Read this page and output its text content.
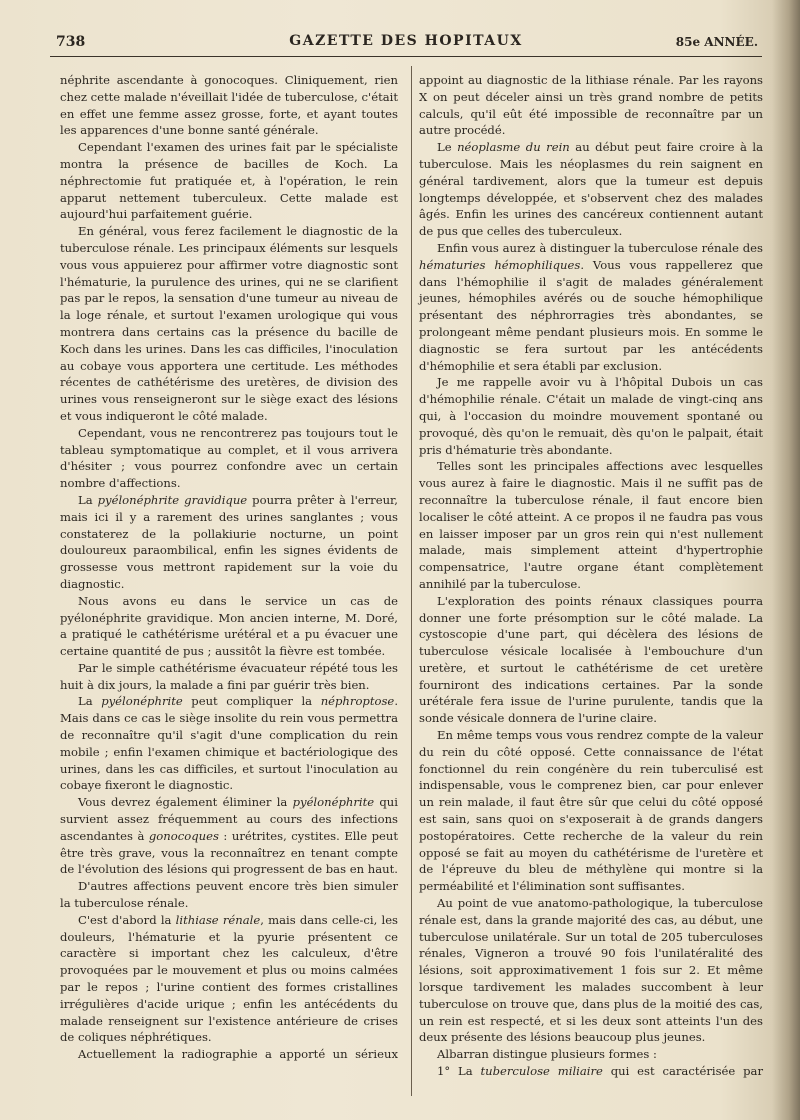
738	GAZETTE DES HOPITAUX	85e ANNÉE.

néphrite ascendante à gonocoques. Cliniquement, rien chez cette malade n'éveillait l'idée de tuberculose, c'était en effet une femme assez grosse, forte, et ayant toutes les apparences d'une bonne santé générale.

Cependant l'examen des urines fait par le spécialiste montra la présence de bacilles de Koch. La néphrectomie fut pratiquée et, à l'opération, le rein apparut nettement tuberculeux. Cette malade est aujourd'hui parfaitement guérie.

En général, vous ferez facilement le diagnostic de la tuberculose rénale. Les principaux éléments sur lesquels vous vous appuierez pour affirmer votre diagnostic sont l'hématurie, la purulence des urines, qui ne se clarifient pas par le repos, la sensation d'une tumeur au niveau de la loge rénale, et surtout l'examen urologique qui vous montrera dans certains cas la présence du bacille de Koch dans les urines. Dans les cas difficiles, l'inoculation au cobaye vous apportera une certitude. Les méthodes récentes de cathétérisme des uretères, de division des urines vous renseigneront sur le siège exact des lésions et vous indiqueront le côté malade.

Cependant, vous ne rencontrerez pas toujours tout le tableau symptomatique au complet, et il vous arrivera d'hésiter ; vous pourrez confondre avec un certain nombre d'affections.

La pyélonéphrite gravidique pourra prêter à l'erreur, mais ici il y a rarement des urines sanglantes ; vous constaterez de la pollakiurie nocturne, un point douloureux paraombilical, enfin les signes évidents de grossesse vous mettront rapidement sur la voie du diagnostic.

Nous avons eu dans le service un cas de pyélonéphrite gravidique. Mon ancien interne, M. Doré, a pratiqué le cathétérisme urétéral et a pu évacuer une certaine quantité de pus ; aussitôt la fièvre est tombée.

Par le simple cathétérisme évacuateur répété tous les huit à dix jours, la malade a fini par guérir très bien.

La pyélonéphrite peut compliquer la néphroptose. Mais dans ce cas le siège insolite du rein vous permettra de reconnaître qu'il s'agit d'une complication du rein mobile ; enfin l'examen chimique et bactériologique des urines, dans les cas difficiles, et surtout l'inoculation au cobaye fixeront le diagnostic.

Vous devrez également éliminer la pyélonéphrite qui survient assez fréquemment au cours des infections ascendantes à gonocoques : urétrites, cystites. Elle peut être très grave, vous la reconnaîtrez en tenant compte de l'évolution des lésions qui progressent de bas en haut.

D'autres affections peuvent encore très bien simuler la tuberculose rénale.

C'est d'abord la lithiase rénale, mais dans celle-ci, les douleurs, l'hématurie et la pyurie présentent ce caractère si important chez les calculeux, d'être provoquées par le mouvement et plus ou moins calmées par le repos ; l'urine contient des formes cristallines irrégulières d'acide urique ; enfin les antécédents du malade renseignent sur l'existence antérieure de crises de coliques néphrétiques.

Actuellement la radiographie a apporté un sérieux

appoint au diagnostic de la lithiase rénale. Par les rayons X on peut déceler ainsi un très grand nombre de petits calculs, qu'il eût été impossible de reconnaître par un autre procédé.

Le néoplasme du rein au début peut faire croire à la tuberculose. Mais les néoplasmes du rein saignent en général tardivement, alors que la tumeur est depuis longtemps développée, et s'observent chez des malades âgés. Enfin les urines des cancéreux contiennent autant de pus que celles des tuberculeux.

Enfin vous aurez à distinguer la tuberculose rénale des hématuries hémophiliques. Vous vous rappellerez que dans l'hémophilie il s'agit de malades généralement jeunes, hémophiles avérés ou de souche hémophilique présentant des néphrorragies très abondantes, se prolongeant même pendant plusieurs mois. En somme le diagnostic se fera surtout par les antécédents d'hémophilie et sera établi par exclusion.

Je me rappelle avoir vu à l'hôpital Dubois un cas d'hémophilie rénale. C'était un malade de vingt-cinq ans qui, à l'occasion du moindre mouvement spontané ou provoqué, dès qu'on le remuait, dès qu'on le palpait, était pris d'hématurie très abondante.

Telles sont les principales affections avec lesquelles vous aurez à faire le diagnostic. Mais il ne suffit pas de reconnaître la tuberculose rénale, il faut encore bien localiser le côté atteint. A ce propos il ne faudra pas vous en laisser imposer par un gros rein qui n'est nullement malade, mais simplement atteint d'hypertrophie compensatrice, l'autre organe étant complètement annihilé par la tuberculose.

L'exploration des points rénaux classiques pourra donner une forte présomption sur le côté malade. La cystoscopie d'une part, qui décèlera des lésions de tuberculose vésicale localisée à l'embouchure d'un uretère, et surtout le cathétérisme de cet uretère fourniront des indications certaines. Par la sonde urétérale fera issue de l'urine purulente, tandis que la sonde vésicale donnera de l'urine claire.

En même temps vous vous rendrez compte de la valeur du rein du côté opposé. Cette connaissance de l'état fonctionnel du rein congénère du rein tuberculisé est indispensable, vous le comprenez bien, car pour enlever un rein malade, il faut être sûr que celui du côté opposé est sain, sans quoi on s'exposerait à de grands dangers postopératoires. Cette recherche de la valeur du rein opposé se fait au moyen du cathétérisme de l'uretère et de l'épreuve du bleu de méthylène qui montre si la perméabilité et l'élimination sont suffisantes.

Au point de vue anatomo-pathologique, la tuberculose rénale est, dans la grande majorité des cas, au début, une tuberculose unilatérale. Sur un total de 205 tuberculoses rénales, Vigneron a trouvé 90 fois l'unilatéralité des lésions, soit approximativement 1 fois sur 2. Et même lorsque tardivement les malades succombent à leur tuberculose on trouve que, dans plus de la moitié des cas, un rein est respecté, et si les deux sont atteints l'un des deux présente des lésions beaucoup plus jeunes.

Albarran distingue plusieurs formes :

1° La tuberculose miliaire qui est caractérisée par
